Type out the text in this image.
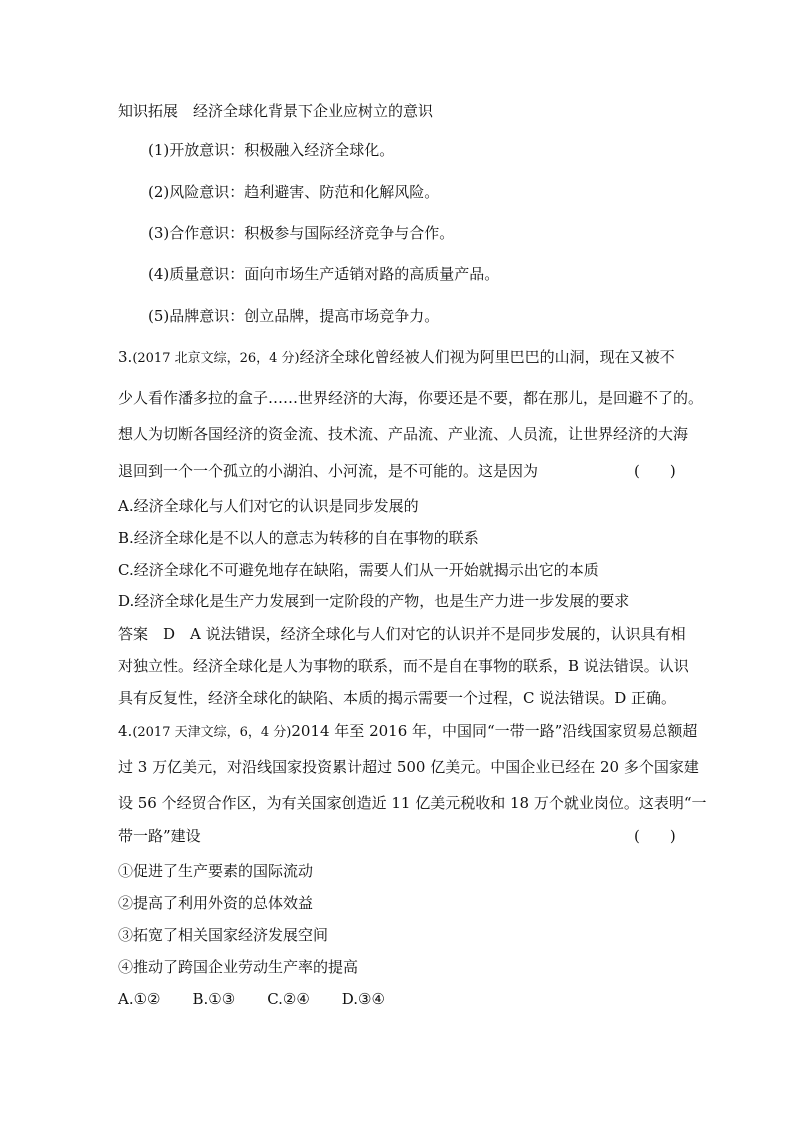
知识拓展　经济全球化背景下企业应树立的意识
(1)开放意识：积极融入经济全球化。
(2)风险意识：趋利避害、防范和化解风险。
(3)合作意识：积极参与国际经济竞争与合作。
(4)质量意识：面向市场生产适销对路的高质量产品。
(5)品牌意识：创立品牌，提高市场竞争力。
3.(2017 北京文综，26，4 分)经济全球化曾经被人们视为阿里巴巴的山洞，现在又被不
少人看作潘多拉的盒子……世界经济的大海，你要还是不要，都在那儿，是回避不了的。
想人为切断各国经济的资金流、技术流、产品流、产业流、人员流，让世界经济的大海
退回到一个一个孤立的小湖泊、小河流，是不可能的。这是因为	(　　)
A.经济全球化与人们对它的认识是同步发展的
B.经济全球化是不以人的意志为转移的自在事物的联系
C.经济全球化不可避免地存在缺陷，需要人们从一开始就揭示出它的本质
D.经济全球化是生产力发展到一定阶段的产物，也是生产力进一步发展的要求
答案　D　A 说法错误，经济全球化与人们对它的认识并不是同步发展的，认识具有相
对独立性。经济全球化是人为事物的联系，而不是自在事物的联系，B 说法错误。认识
具有反复性，经济全球化的缺陷、本质的揭示需要一个过程，C 说法错误。D 正确。
4.(2017 天津文综，6，4 分)2014 年至 2016 年，中国同“一带一路”沿线国家贸易总额超
过 3 万亿美元，对沿线国家投资累计超过 500 亿美元。中国企业已经在 20 多个国家建
设 56 个经贸合作区，为有关国家创造近 11 亿美元税收和 18 万个就业岗位。这表明“一
带一路”建设	(　　)
①促进了生产要素的国际流动
②提高了利用外资的总体效益
③拓宽了相关国家经济发展空间
④推动了跨国企业劳动生产率的提高
A.①② B.①③ C.②④ D.③④
